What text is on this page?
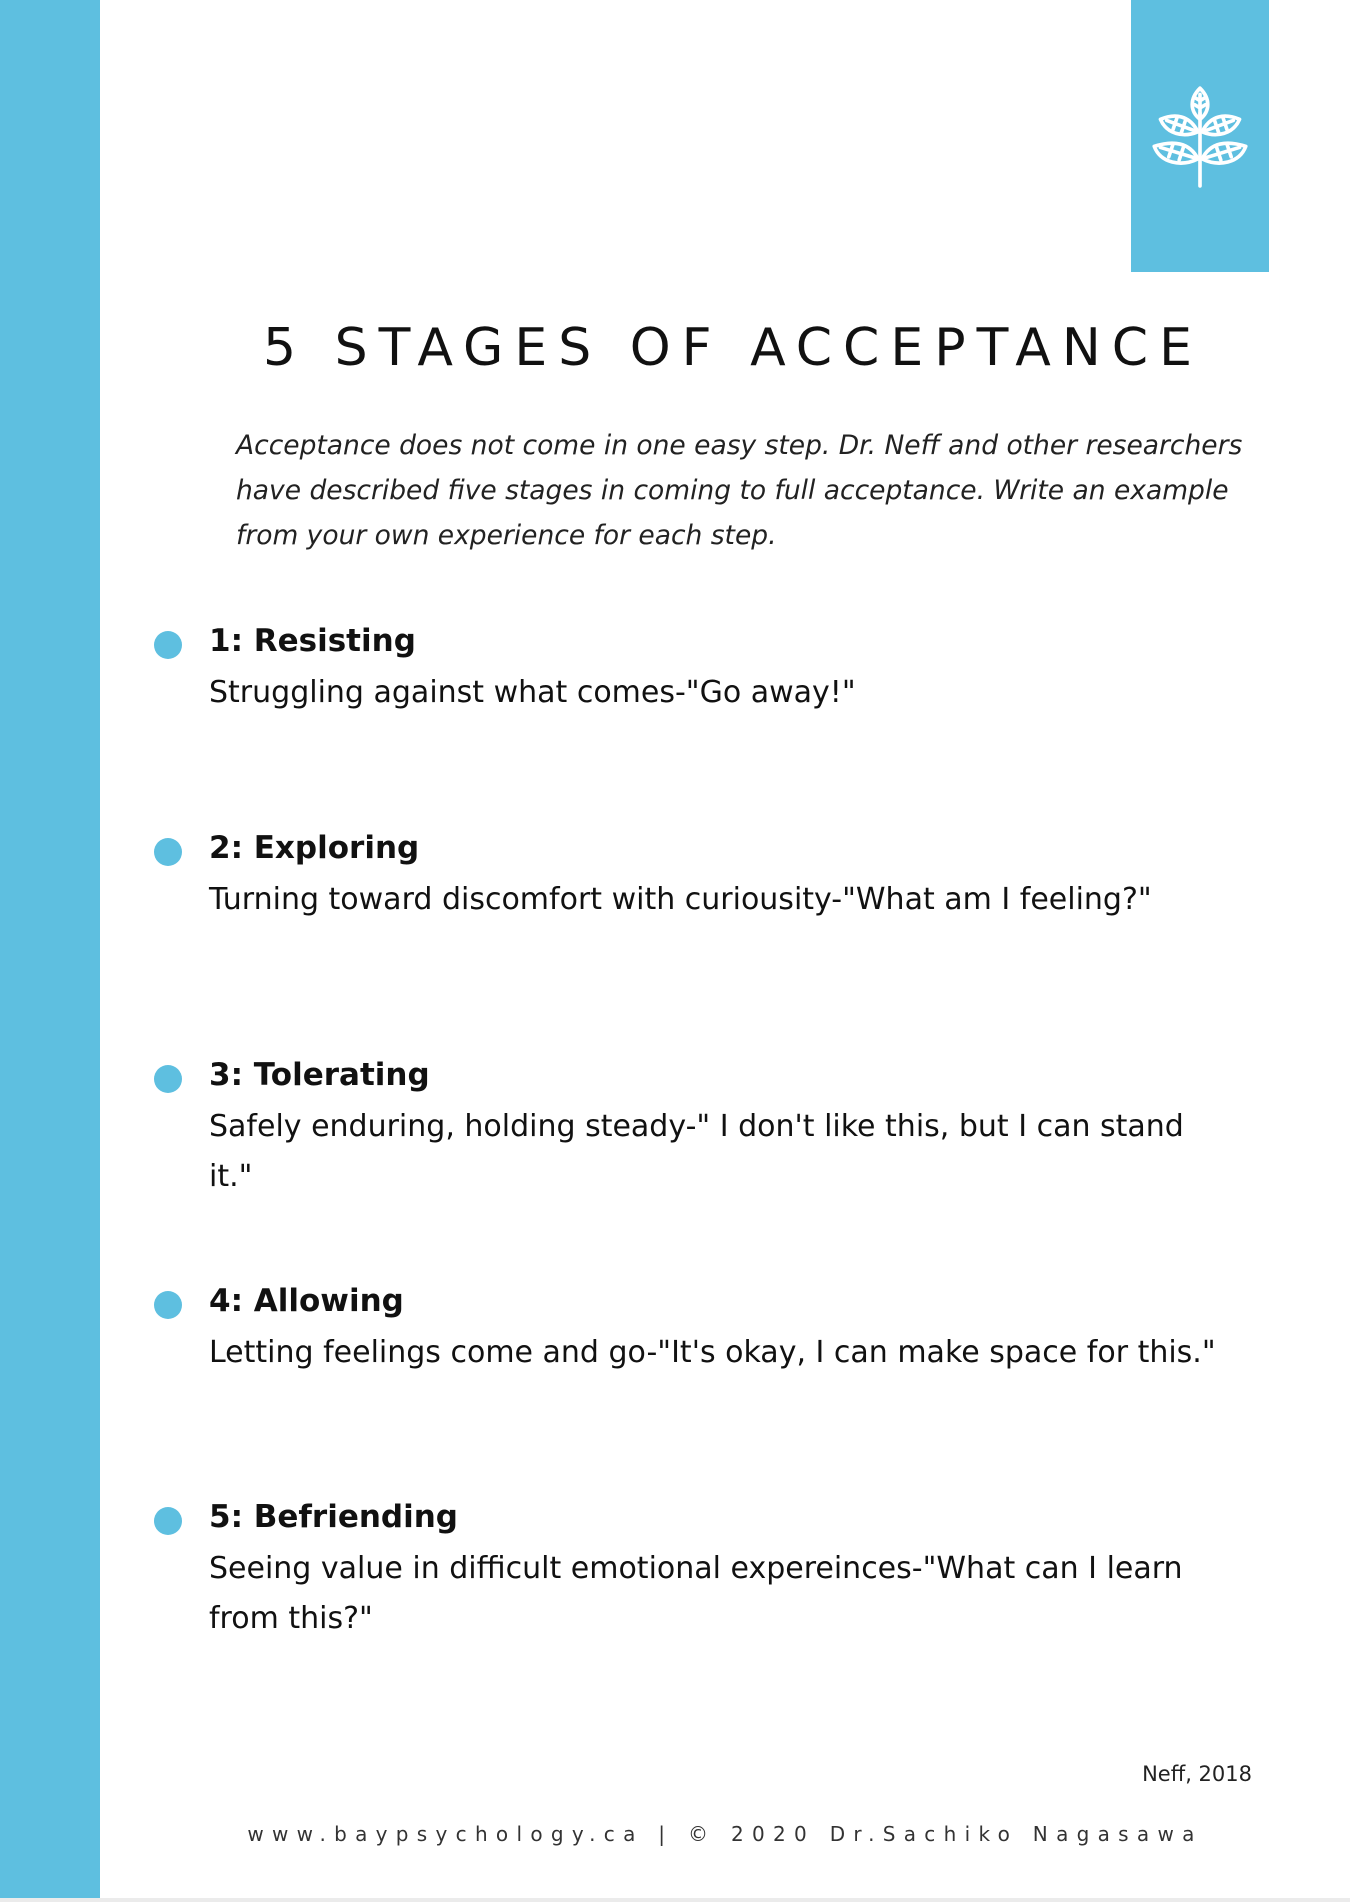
5 STAGES OF ACCEPTANCE

Acceptance does not come in one easy step. Dr. Neff and other researchers have described five stages in coming to full acceptance. Write an example from your own experience for each step.

1: Resisting

Struggling against what comes-"Go away!"

2: Exploring

Turning toward discomfort with curiousity-"What am I feeling?"

3: Tolerating

Safely enduring, holding steady-" I don't like this, but I can stand it."

4: Allowing

Letting feelings come and go-"It's okay, I can make space for this."

5: Befriending

Seeing value in difficult emotional expereinces-"What can I learn from this?"

Neff, 2018

www.baypsychology.ca | © 2020 Dr.Sachiko Nagasawa
